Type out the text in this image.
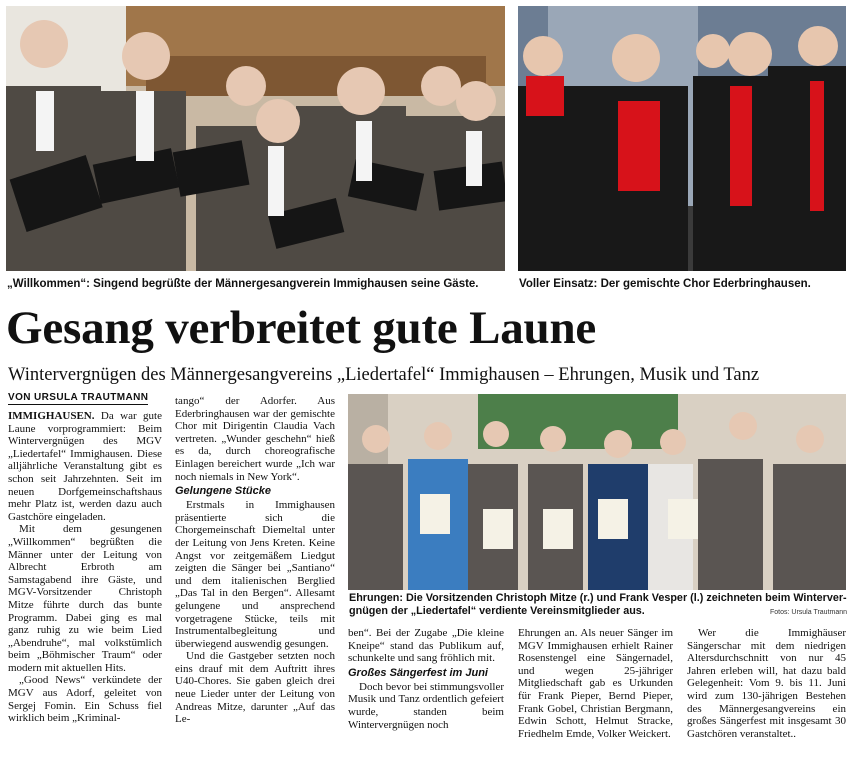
„Willkommen“: Singend begrüßte der Männergesangverein Immighausen seine Gäste.	Voller Einsatz: Der gemischte Chor Ederbringhausen.
Gesang verbreitet gute Laune
Wintervergnügen des Männergesangvereins „Liedertafel“ Immighausen – Ehrungen, Musik und Tanz
VON URSULA TRAUTMANN

IMMIGHAUSEN. Da war gute Laune vorprogrammiert: Beim Wintervergnügen des MGV „Liedertafel“ Immighausen. Diese alljährliche Veranstaltung gibt es schon seit Jahrzehnten. Seit im neuen Dorfgemeinschaftshaus mehr Platz ist, werden dazu auch Gastchöre eingeladen.

Mit dem gesungenen „Willkommen“ begrüßten die Männer unter der Leitung von Albrecht Erbroth am Samstagabend ihre Gäste, und MGV-Vorsitzender Christoph Mitze führte durch das bunte Programm. Dabei ging es mal ganz ruhig zu wie beim Lied „Abendruhe“, mal volkstümlich beim „Böhmischer Traum“ oder modern mit aktuellen Hits.

„Good News“ verkündete der MGV aus Adorf, geleitet von Sergej Fomin. Ein Schuss fiel wirklich beim „Kriminal-

tango“ der Adorfer. Aus Ederbringhausen war der gemischte Chor mit Dirigentin Claudia Vach vertreten. „Wunder geschehn“ hieß es da, durch choreografische Einlagen bereichert wurde „Ich war noch niemals in New York“.

Gelungene Stücke

Erstmals in Immighausen präsentierte sich die Chorgemeinschaft Diemeltal unter der Leitung von Jens Kreten. Keine Angst vor zeitgemäßem Liedgut zeigten die Sänger bei „Santiano“ und dem italienischen Berglied „Das Tal in den Bergen“. Allesamt gelungene und ansprechend vorgetragene Stücke, teils mit Instrumentalbegleitung und überwiegend auswendig gesungen.

Und die Gastgeber setzten noch eins drauf mit dem Auftritt ihres U40-Chores. Sie gaben gleich drei neue Lieder unter der Leitung von Andreas Mitze, darunter „Auf das Le-

Ehrungen: Die Vorsitzenden Christoph Mitze (r.) und Frank Vesper (l.) zeichneten beim Winterver-
gnügen der „Liedertafel“ verdiente Vereinsmitglieder aus.	Fotos: Ursula Trautmann

ben“. Bei der Zugabe „Die kleine Kneipe“ stand das Publikum auf, schunkelte und sang fröhlich mit.

Großes Sängerfest im Juni

Doch bevor bei stimmungsvoller Musik und Tanz ordentlich gefeiert wurde, standen beim Wintervergnügen noch

Ehrungen an. Als neuer Sänger im MGV Immighausen erhielt Rainer Rosenstengel eine Sängernadel, und wegen 25-jähriger Mitgliedschaft gab es Urkunden für Frank Pieper, Bernd Pieper, Frank Gobel, Christian Bergmann, Edwin Schott, Helmut Stracke, Friedhelm Emde, Volker Weickert.

Wer die Immighäuser Sängerschar mit dem niedrigen Altersdurchschnitt von nur 45 Jahren erleben will, hat dazu bald Gelegenheit: Vom 9. bis 11. Juni wird zum 130-jährigen Bestehen des Männergesangvereins ein großes Sängerfest mit insgesamt 30 Gastchören veranstaltet..
